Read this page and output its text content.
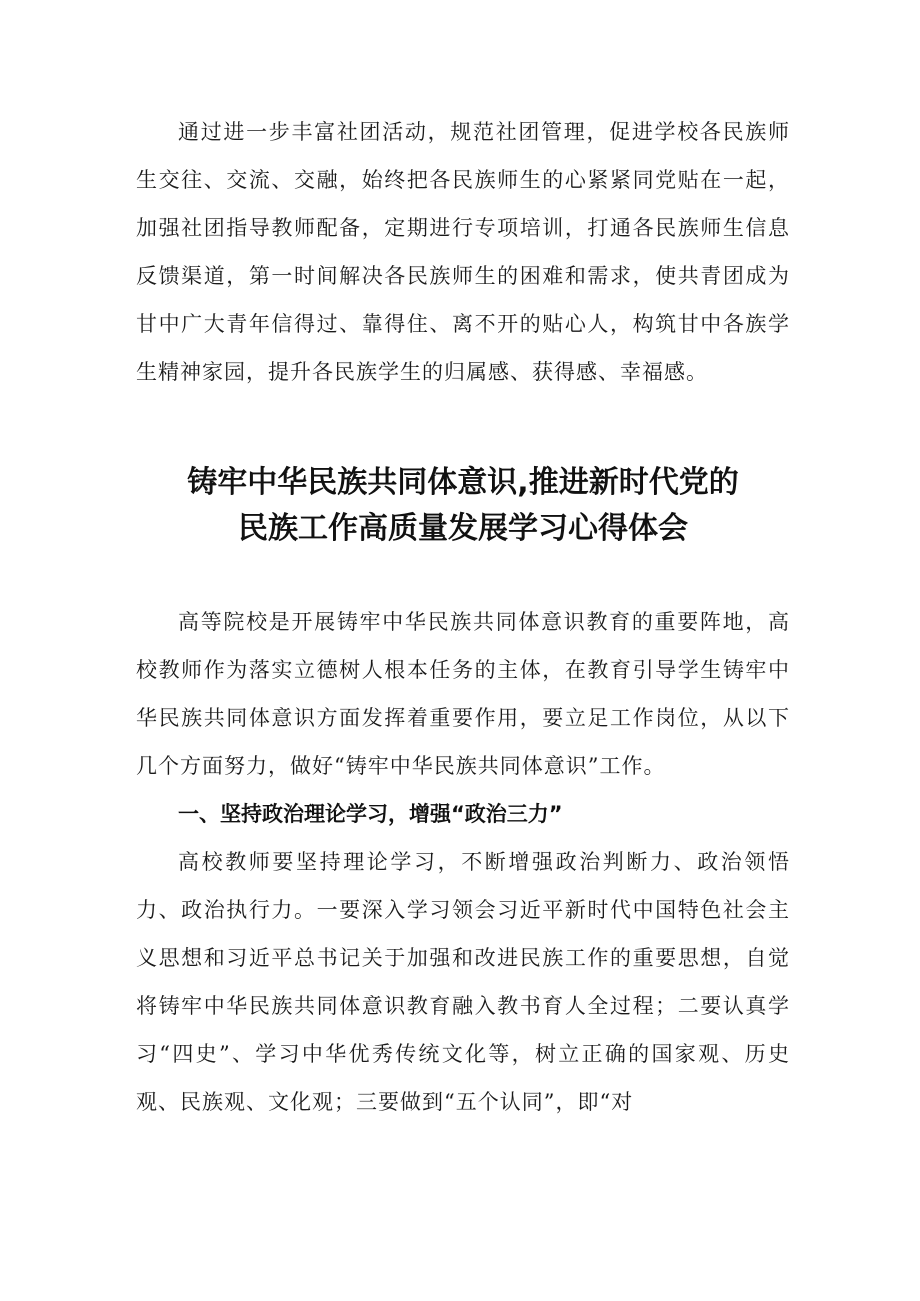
通过进一步丰富社团活动，规范社团管理，促进学校各民族师生交往、交流、交融，始终把各民族师生的心紧紧同党贴在一起，加强社团指导教师配备，定期进行专项培训，打通各民族师生信息反馈渠道，第一时间解决各民族师生的困难和需求，使共青团成为甘中广大青年信得过、靠得住、离不开的贴心人，构筑甘中各族学生精神家园，提升各民族学生的归属感、获得感、幸福感。

铸牢中华民族共同体意识,推进新时代党的
民族工作高质量发展学习心得体会

高等院校是开展铸牢中华民族共同体意识教育的重要阵地，高校教师作为落实立德树人根本任务的主体，在教育引导学生铸牢中华民族共同体意识方面发挥着重要作用，要立足工作岗位，从以下几个方面努力，做好“铸牢中华民族共同体意识”工作。

一、坚持政治理论学习，增强“政治三力”

高校教师要坚持理论学习，不断增强政治判断力、政治领悟力、政治执行力。一要深入学习领会习近平新时代中国特色社会主义思想和习近平总书记关于加强和改进民族工作的重要思想，自觉将铸牢中华民族共同体意识教育融入教书育人全过程；二要认真学习“四史”、学习中华优秀传统文化等，树立正确的国家观、历史观、民族观、文化观；三要做到“五个认同”，即“对
